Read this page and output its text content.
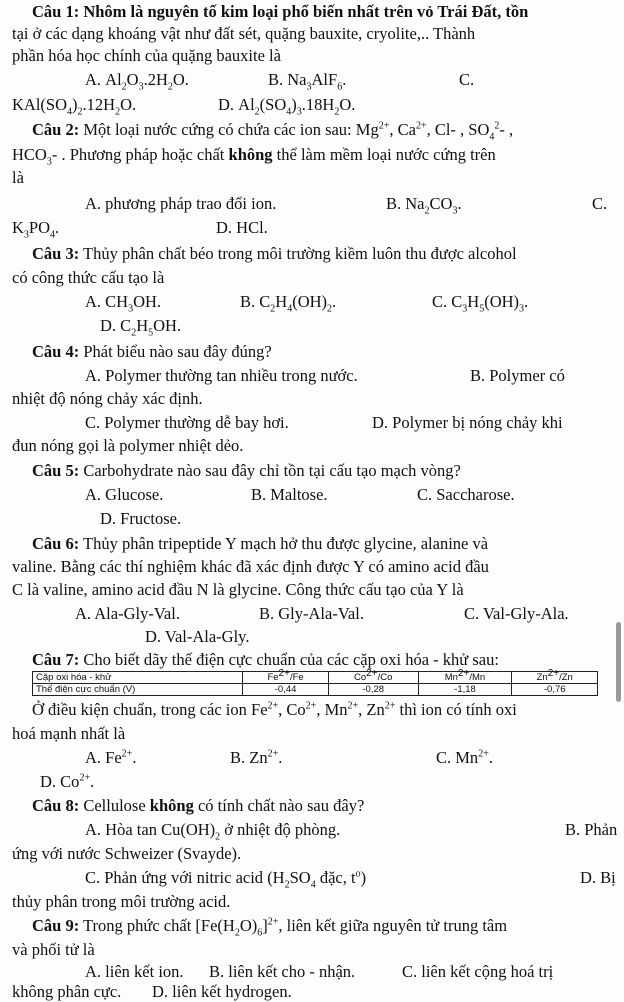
Câu 1: Nhôm là nguyên tố kim loại phổ biến nhất trên vỏ Trái Đất, tồn
tại ở các dạng khoáng vật như đất sét, quặng bauxite, cryolite,.. Thành
phần hóa học chính của quặng bauxite là
A. $Al_2O_3.2H_2O$.	B. $Na_3AlF_6$.	C.
$KAl(SO_4)_2.12H_2O$.	D. $Al_2(SO_4)_3.18H_2O$.
Câu 2: Một loại nước cứng có chứa các ion sau: $Mg^{2+}$, $Ca^{2+}$, Cl- , $SO_4^2-$ ,
$HCO_3-$ . Phương pháp hoặc chất không thể làm mềm loại nước cứng trên
là
A. phương pháp trao đổi ion.	B. $Na_2CO_3$.	C.
$K_3PO_4$.	D. HCl.
Câu 3: Thủy phân chất béo trong môi trường kiềm luôn thu được alcohol
có công thức cấu tạo là
A. $CH_3OH$.	B. $C_2H_4(OH)_2$.	C. $C_3H_5(OH)_3$.
D. $C_2H_5OH$.
Câu 4: Phát biểu nào sau đây đúng?
A. Polymer thường tan nhiều trong nước.	B. Polymer có
nhiệt độ nóng chảy xác định.
C. Polymer thường dễ bay hơi.	D. Polymer bị nóng chảy khi
đun nóng gọi là polymer nhiệt dẻo.
Câu 5: Carbohydrate nào sau đây chỉ tồn tại cấu tạo mạch vòng?
A. Glucose.	B. Maltose.	C. Saccharose.
D. Fructose.
Câu 6: Thủy phân tripeptide Y mạch hở thu được glycine, alanine và
valine. Bằng các thí nghiệm khác đã xác định được Y có amino acid đầu
C là valine, amino acid đầu N là glycine. Công thức cấu tạo của Y là
A. Ala-Gly-Val.	B. Gly-Ala-Val.	C. Val-Gly-Ala.
D. Val-Ala-Gly.
Câu 7: Cho biết dãy thế điện cực chuẩn của các cặp oxi hóa - khử sau:
Cặp oxi hóa - khử	$Fe^{2+}/Fe$	$Co^{2+}/Co$	$Mn^{2+}/Mn$	$Zn^{2+}/Zn$
Thế điện cực chuẩn (V)	-0,44	-0,28	-1,18	-0,76
Ở điều kiện chuẩn, trong các ion $Fe^{2+}$, $Co^{2+}$, $Mn^{2+}$, $Zn^{2+}$ thì ion có tính oxi
hoá mạnh nhất là
A. $Fe^{2+}$.	B. $Zn^{2+}$.	C. $Mn^{2+}$.
D. $Co^{2+}$.
Câu 8: Cellulose không có tính chất nào sau đây?
A. Hòa $\tan Cu(OH)_2$ ở nhiệt độ phòng.	B. Phản
ứng với nước Schweizer (Svayde).
C. Phản ứng với nitric acid ($H_2SO_4$ đặc, $t^o$)	D. Bị
thủy phân trong môi trường acid.
Câu 9: Trong phức chất $[Fe(H_2O)_6]^{2+}$, liên kết giữa nguyên tử trung tâm
và phối tử là
A. liên kết ion. B. liên kết cho - nhận.	C. liên kết cộng hoá trị
không phân cực. D. liên kết hydrogen.
